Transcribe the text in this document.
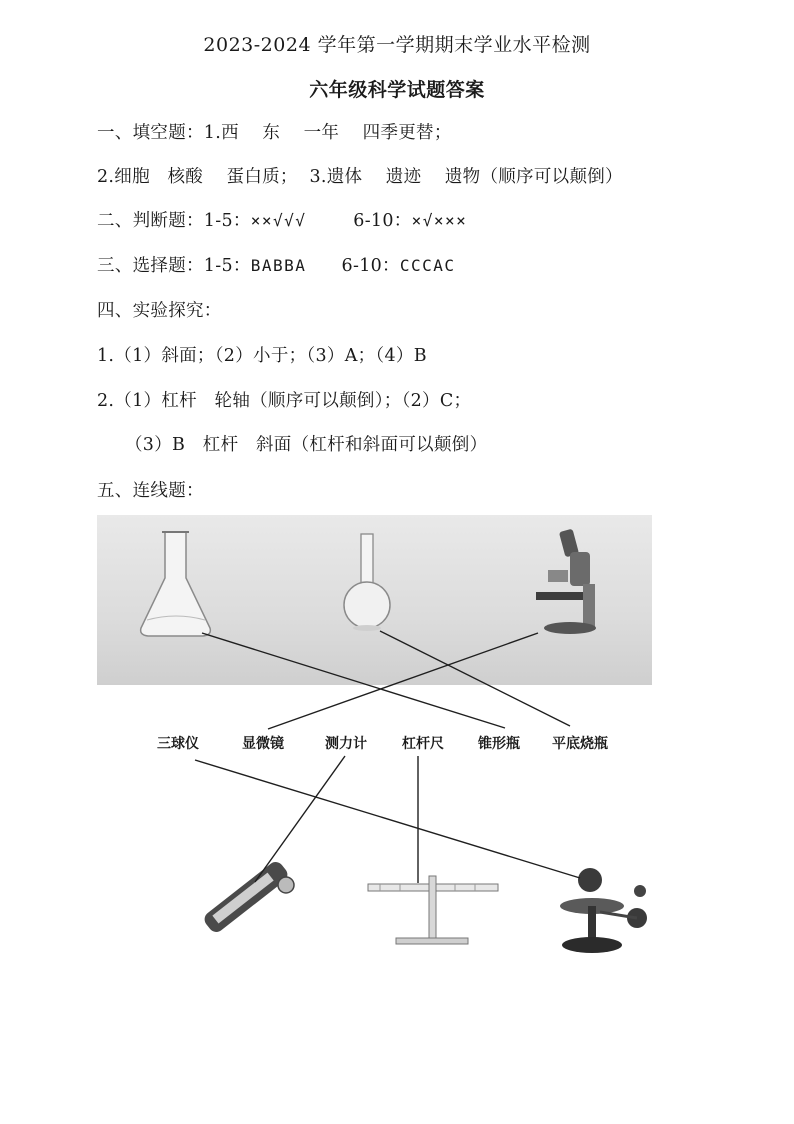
2023-2024 学年第一学期期末学业水平检测
六年级科学试题答案
一、填空题：1.西    东    一年    四季更替；
2.细胞   核酸    蛋白质；  3.遗体    遗迹    遗物（顺序可以颠倒）
二、判断题：1-5：××√√√	6-10：×√×××
三、选择题：1-5：BABBA 6-10：CCCAC
四、实验探究：
1.（1）斜面；（2）小于；（3）A；（4）B
2.（1）杠杆   轮轴（顺序可以颠倒）；（2）C；
（3）B   杠杆   斜面（杠杆和斜面可以颠倒）
五、连线题：
三球仪	显微镜	测力计	杠杆尺 锥形瓶 平底烧瓶
